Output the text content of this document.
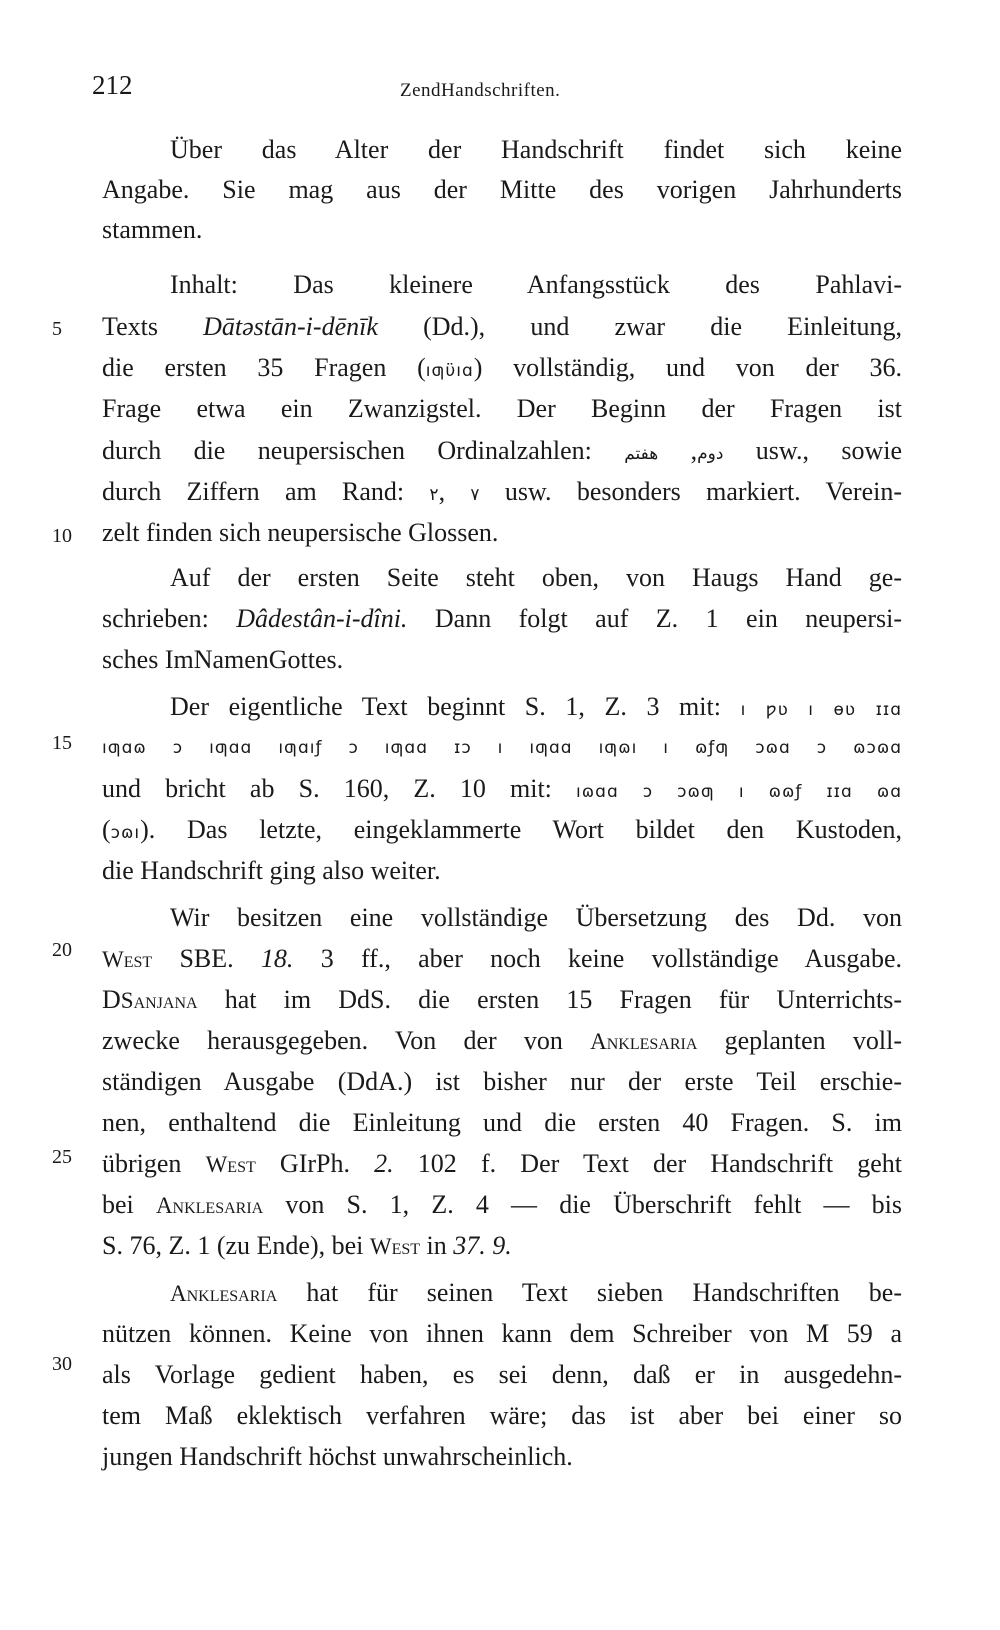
212	ZendHandschriften.
5
10
15
20
25
30
Über das Alter der Handschrift findet sich keine
Angabe. Sie mag aus der Mitte des vorigen Jahrhunderts
stammen.
Inhalt: Das kleinere Anfangsstück des Pahlavi-
Texts Dātəstān-i-dēnīk (Dd.), und zwar die Einleitung,
die ersten 35 Fragen (ıƣϋıɑ) vollständig, und von der 36.
Frage etwa ein Zwanzigstel. Der Beginn der Fragen ist
durch die neupersischen Ordinalzahlen:	دوم, هفتم	usw., sowie
durch Ziffern am Rand: ۲, ۷ usw. besonders markiert. Verein-
zelt finden sich neupersische Glossen.
Auf der ersten Seite steht oben, von Haugs Hand ge-
schrieben: Dâdestân-i-dîni. Dann folgt auf Z. 1 ein neupersi-
sches ImNamenGottes.
Der eigentliche Text beginnt S. 1, Z. 3 mit: ı ƿʋ ı ɵʋ ɪɪɑ
ıƣɑɷ ɔ ıƣɑɑ ıƣɑıƒ ɔ ıƣɑɑ ɪɔ ı ıƣɑɑ ıƣɷı ı ɷƒƣ ɔɷɑ ɔ ɷɔɷɑ
und bricht ab S. 160, Z. 10 mit: ıɷɑɑ ɔ ɔɷƣ ı ɷɷƒ ɪɪɑ ɷɑ
(ɔɷı). Das letzte, eingeklammerte Wort bildet den Kustoden,
die Handschrift ging also weiter.
Wir besitzen eine vollständige Übersetzung des Dd. von
West SBE. 18. 3 ff., aber noch keine vollständige Ausgabe.
DSanjana hat im DdS. die ersten 15 Fragen für Unterrichts-
zwecke herausgegeben. Von der von Anklesaria geplanten voll-
ständigen Ausgabe (DdA.) ist bisher nur der erste Teil erschie-
nen, enthaltend die Einleitung und die ersten 40 Fragen. S. im
übrigen West GIrPh. 2. 102 f. Der Text der Handschrift geht
bei Anklesaria von S. 1, Z. 4 — die Überschrift fehlt — bis
S. 76, Z. 1 (zu Ende), bei West in 37. 9.
Anklesaria hat für seinen Text sieben Handschriften be-
nützen können. Keine von ihnen kann dem Schreiber von M 59 a
als Vorlage gedient haben, es sei denn, daß er in ausgedehn-
tem Maß eklektisch verfahren wäre; das ist aber bei einer so
jungen Handschrift höchst unwahrscheinlich.
